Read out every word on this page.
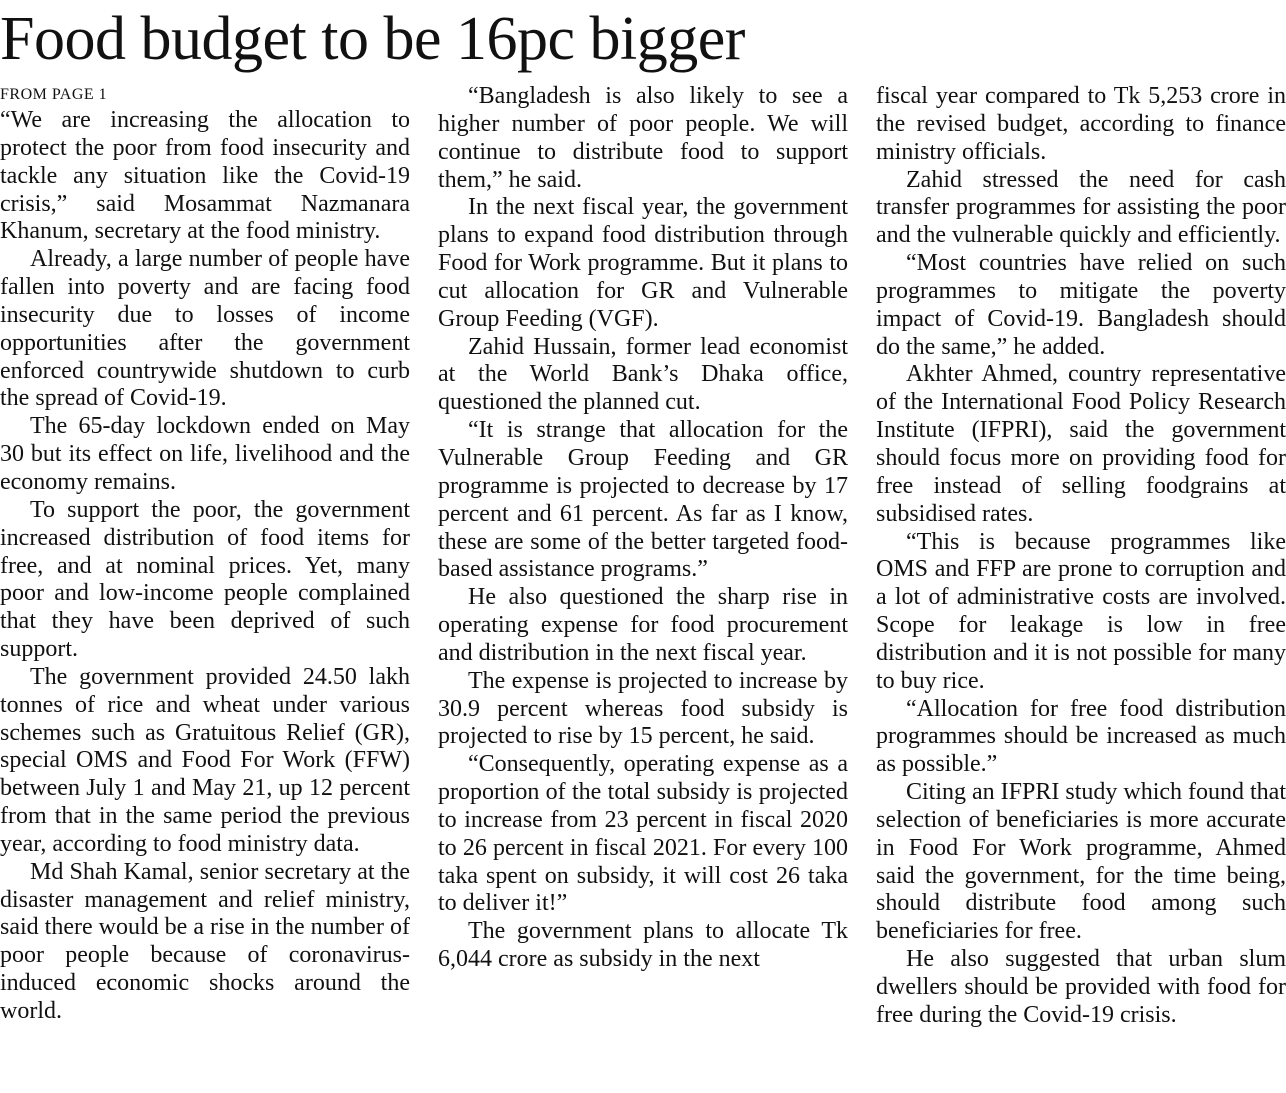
Food budget to be 16pc bigger
FROM PAGE 1

“We are increasing the allocation to protect the poor from food insecurity and tackle any situation like the Covid-19 crisis,” said Mosammat Nazmanara Khanum, secretary at the food ministry.

Already, a large number of people have fallen into poverty and are facing food insecurity due to losses of income opportunities after the government enforced countrywide shutdown to curb the spread of Covid-19.

The 65-day lockdown ended on May 30 but its effect on life, livelihood and the economy remains.

To support the poor, the government increased distribution of food items for free, and at nominal prices. Yet, many poor and low-income people complained that they have been deprived of such support.

The government provided 24.50 lakh tonnes of rice and wheat under various schemes such as Gratuitous Relief (GR), special OMS and Food For Work (FFW) between July 1 and May 21, up 12 percent from that in the same period the previous year, according to food ministry data.

Md Shah Kamal, senior secretary at the disaster management and relief ministry, said there would be a rise in the number of poor people because of coronavirus-induced economic shocks around the world.

“Bangladesh is also likely to see a higher number of poor people. We will continue to distribute food to support them,” he said.

In the next fiscal year, the government plans to expand food distribution through Food for Work programme. But it plans to cut allocation for GR and Vulnerable Group Feeding (VGF).

Zahid Hussain, former lead economist at the World Bank’s Dhaka office, questioned the planned cut.

“It is strange that allocation for the Vulnerable Group Feeding and GR programme is projected to decrease by 17 percent and 61 percent. As far as I know, these are some of the better targeted food-based assistance programs.”

He also questioned the sharp rise in operating expense for food procurement and distribution in the next fiscal year.

The expense is projected to increase by 30.9 percent whereas food subsidy is projected to rise by 15 percent, he said.

“Consequently, operating expense as a proportion of the total subsidy is projected to increase from 23 percent in fiscal 2020 to 26 percent in fiscal 2021. For every 100 taka spent on subsidy, it will cost 26 taka to deliver it!”

The government plans to allocate Tk 6,044 crore as subsidy in the next

fiscal year compared to Tk 5,253 crore in the revised budget, according to finance ministry officials.

Zahid stressed the need for cash transfer programmes for assisting the poor and the vulnerable quickly and efficiently.

“Most countries have relied on such programmes to mitigate the poverty impact of Covid-19. Bangladesh should do the same,” he added.

Akhter Ahmed, country representative of the International Food Policy Research Institute (IFPRI), said the government should focus more on providing food for free instead of selling foodgrains at subsidised rates.

“This is because programmes like OMS and FFP are prone to corruption and a lot of administrative costs are involved. Scope for leakage is low in free distribution and it is not possible for many to buy rice.

“Allocation for free food distribution programmes should be increased as much as possible.”

Citing an IFPRI study which found that selection of beneficiaries is more accurate in Food For Work programme, Ahmed said the government, for the time being, should distribute food among such beneficiaries for free.

He also suggested that urban slum dwellers should be provided with food for free during the Covid-19 crisis.
